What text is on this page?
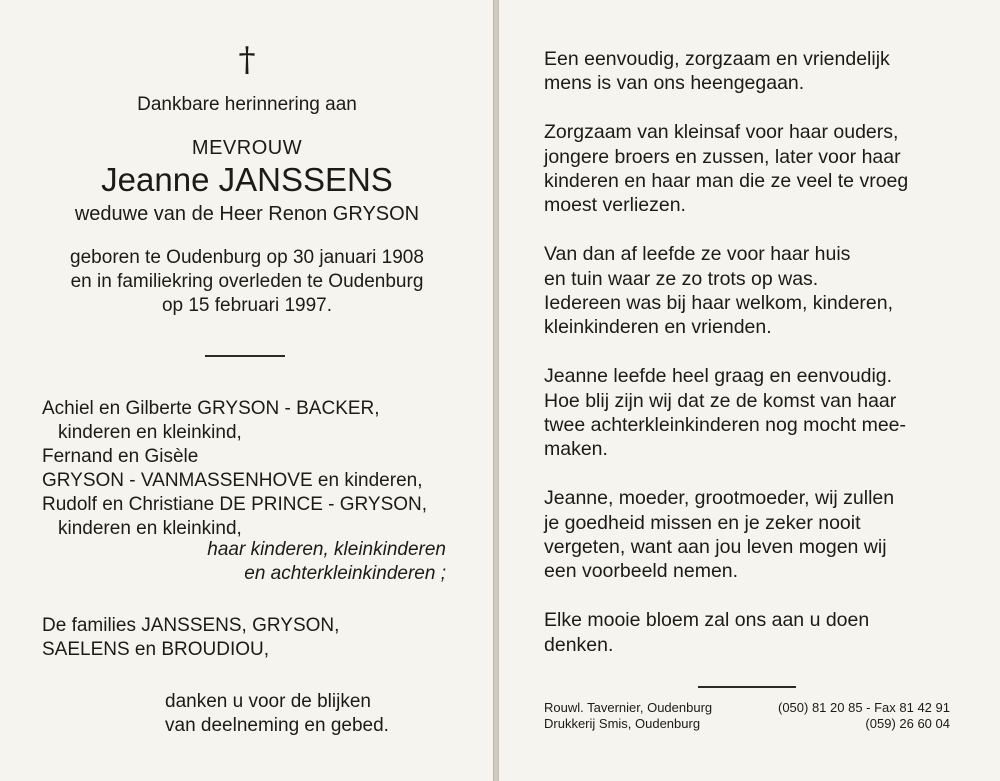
†
Dankbare herinnering aan
MEVROUW
Jeanne JANSSENS
weduwe van de Heer Renon GRYSON
geboren te Oudenburg op 30 januari 1908
en in familiekring overleden te Oudenburg
op 15 februari 1997.
Achiel en Gilberte GRYSON - BACKER,
kinderen en kleinkind,
Fernand en Gisèle
GRYSON - VANMASSENHOVE en kinderen,
Rudolf en Christiane DE PRINCE - GRYSON,
kinderen en kleinkind,
haar kinderen, kleinkinderen
en achterkleinkinderen ;
De families JANSSENS, GRYSON,
SAELENS en BROUDIOU,
danken u voor de blijken
van deelneming en gebed.

Een eenvoudig, zorgzaam en vriendelijk
mens is van ons heengegaan.

Zorgzaam van kleinsaf voor haar ouders,
jongere broers en zussen, later voor haar
kinderen en haar man die ze veel te vroeg
moest verliezen.

Van dan af leefde ze voor haar huis
en tuin waar ze zo trots op was.
Iedereen was bij haar welkom, kinderen,
kleinkinderen en vrienden.

Jeanne leefde heel graag en eenvoudig.
Hoe blij zijn wij dat ze de komst van haar
twee achterkleinkinderen nog mocht mee-
maken.

Jeanne, moeder, grootmoeder, wij zullen
je goedheid missen en je zeker nooit
vergeten, want aan jou leven mogen wij
een voorbeeld nemen.

Elke mooie bloem zal ons aan u doen
denken.

Rouwl. Tavernier, Oudenburg	(050) 81 20 85 - Fax 81 42 91
Drukkerij Smis, Oudenburg	(059) 26 60 04
